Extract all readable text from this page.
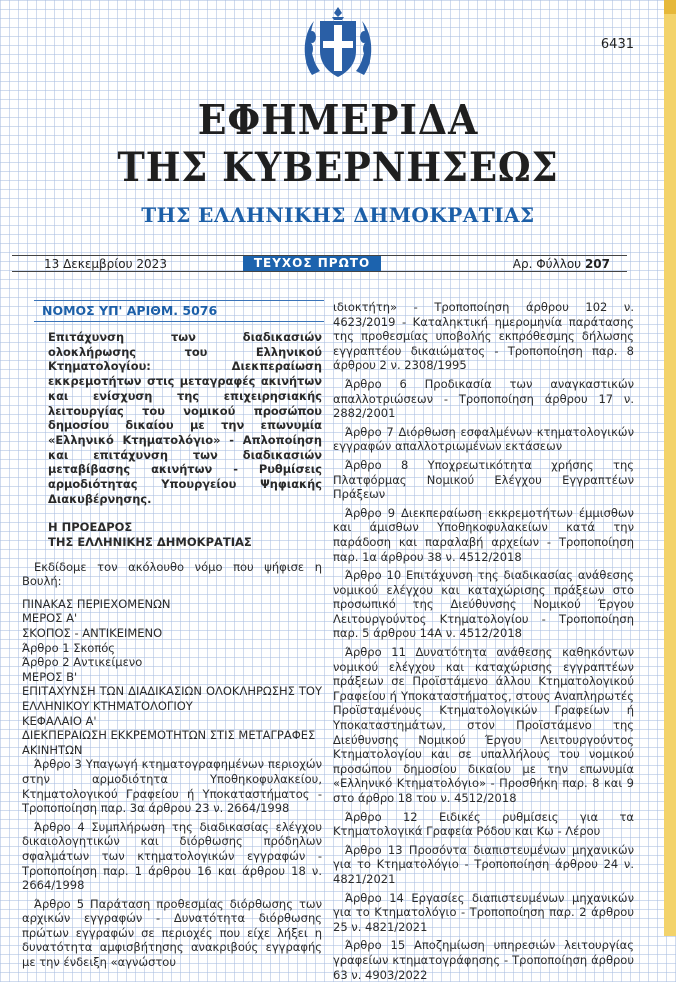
6431
ΕΦΗΜΕΡΙΔΑ
ΤΗΣ ΚΥΒΕΡΝΗΣΕΩΣ
ΤΗΣ ΕΛΛΗΝΙΚΗΣ ΔΗΜΟΚΡΑΤΙΑΣ
13 Δεκεμβρίου 2023	ΤΕΥΧΟΣ ΠΡΩΤΟ	Αρ. Φύλλου 207
ΝΟΜΟΣ ΥΠ' ΑΡΙΘΜ. 5076
Επιτάχυνση των διαδικασιών ολοκλήρωσης του Ελληνικού Κτηματολογίου: Διεκπεραίωση εκκρεμοτήτων στις μεταγραφές ακινήτων και ενίσχυση της επιχειρησιακής λειτουργίας του νομικού προσώπου δημοσίου δικαίου με την επωνυμία «Ελληνικό Κτηματολόγιο» - Απλοποίηση και επιτάχυνση των διαδικασιών μεταβίβασης ακινήτων - Ρυθμίσεις αρμοδιότητας Υπουργείου Ψηφιακής Διακυβέρνησης.
Η ΠΡΟΕΔΡΟΣ
ΤΗΣ ΕΛΛΗΝΙΚΗΣ ΔΗΜΟΚΡΑΤΙΑΣ
Εκδίδομε τον ακόλουθο νόμο που ψήφισε η Βουλή:
ΠΙΝΑΚΑΣ ΠΕΡΙΕΧΟΜΕΝΩΝ
ΜΕΡΟΣ Α'
ΣΚΟΠΟΣ - ΑΝΤΙΚΕΙΜΕΝΟ
Άρθρο 1 Σκοπός
Άρθρο 2 Αντικείμενο
ΜΕΡΟΣ Β'
ΕΠΙΤΑΧΥΝΣΗ ΤΩΝ ΔΙΑΔΙΚΑΣΙΩΝ ΟΛΟΚΛΗΡΩΣΗΣ ΤΟΥ ΕΛΛΗΝΙΚΟΥ ΚΤΗΜΑΤΟΛΟΓΙΟΥ
ΚΕΦΑΛΑΙΟ Α'
ΔΙΕΚΠΕΡΑΙΩΣΗ ΕΚΚΡΕΜΟΤΗΤΩΝ ΣΤΙΣ ΜΕΤΑΓΡΑΦΕΣ ΑΚΙΝΗΤΩΝ
Άρθρο 3 Υπαγωγή κτηματογραφημένων περιοχών στην αρμοδιότητα Υποθηκοφυλακείου, Κτηματολογικού Γραφείου ή Υποκαταστήματος - Τροποποίηση παρ. 3α άρθρου 23 ν. 2664/1998
Άρθρο 4 Συμπλήρωση της διαδικασίας ελέγχου δικαιολογητικών και διόρθωσης πρόδηλων σφαλμάτων των κτηματολογικών εγγραφών - Τροποποίηση παρ. 1 άρθρου 16 και άρθρου 18 ν. 2664/1998
Άρθρο 5 Παράταση προθεσμίας διόρθωσης των αρχικών εγγραφών - Δυνατότητα διόρθωσης πρώτων εγγραφών σε περιοχές που είχε λήξει η δυνατότητα αμφισβήτησης ανακριβούς εγγραφής με την ένδειξη «αγνώστου
ιδιοκτήτη» - Τροποποίηση άρθρου 102 ν. 4623/2019 - Καταληκτική ημερομηνία παράτασης της προθεσμίας υποβολής εκπρόθεσμης δήλωσης εγγραπτέου δικαιώματος - Τροποποίηση παρ. 8 άρθρου 2 ν. 2308/1995
Άρθρο 6 Προδικασία των αναγκαστικών απαλλοτριώσεων - Τροποποίηση άρθρου 17 ν. 2882/2001
Άρθρο 7 Διόρθωση εσφαλμένων κτηματολογικών εγγραφών απαλλοτριωμένων εκτάσεων
Άρθρο 8 Υποχρεωτικότητα χρήσης της Πλατφόρμας Νομικού Ελέγχου Εγγραπτέων Πράξεων
Άρθρο 9 Διεκπεραίωση εκκρεμοτήτων έμμισθων και άμισθων Υποθηκοφυλακείων κατά την παράδοση και παραλαβή αρχείων - Τροποποίηση παρ. 1α άρθρου 38 ν. 4512/2018
Άρθρο 10 Επιτάχυνση της διαδικασίας ανάθεσης νομικού ελέγχου και καταχώρισης πράξεων στο προσωπικό της Διεύθυνσης Νομικού Έργου Λειτουργούντος Κτηματολογίου - Τροποποίηση παρ. 5 άρθρου 14Α ν. 4512/2018
Άρθρο 11 Δυνατότητα ανάθεσης καθηκόντων νομικού ελέγχου και καταχώρισης εγγραπτέων πράξεων σε Προϊστάμενο άλλου Κτηματολογικού Γραφείου ή Υποκαταστήματος, στους Αναπληρωτές Προϊσταμένους Κτηματολογικών Γραφείων ή Υποκαταστημάτων, στον Προϊστάμενο της Διεύθυνσης Νομικού Έργου Λειτουργούντος Κτηματολογίου και σε υπαλλήλους του νομικού προσώπου δημοσίου δικαίου με την επωνυμία «Ελληνικό Κτηματολόγιο» - Προσθήκη παρ. 8 και 9 στο άρθρο 18 του ν. 4512/2018
Άρθρο 12 Ειδικές ρυθμίσεις για τα Κτηματολογικά Γραφεία Ρόδου και Κω - Λέρου
Άρθρο 13 Προσόντα διαπιστευμένων μηχανικών για το Κτηματολόγιο - Τροποποίηση άρθρου 24 ν. 4821/2021
Άρθρο 14 Εργασίες διαπιστευμένων μηχανικών για το Κτηματολόγιο - Τροποποίηση παρ. 2 άρθρου 25 ν. 4821/2021
Άρθρο 15 Αποζημίωση υπηρεσιών λειτουργίας γραφείων κτηματογράφησης - Τροποποίηση άρθρου 63 ν. 4903/2022
